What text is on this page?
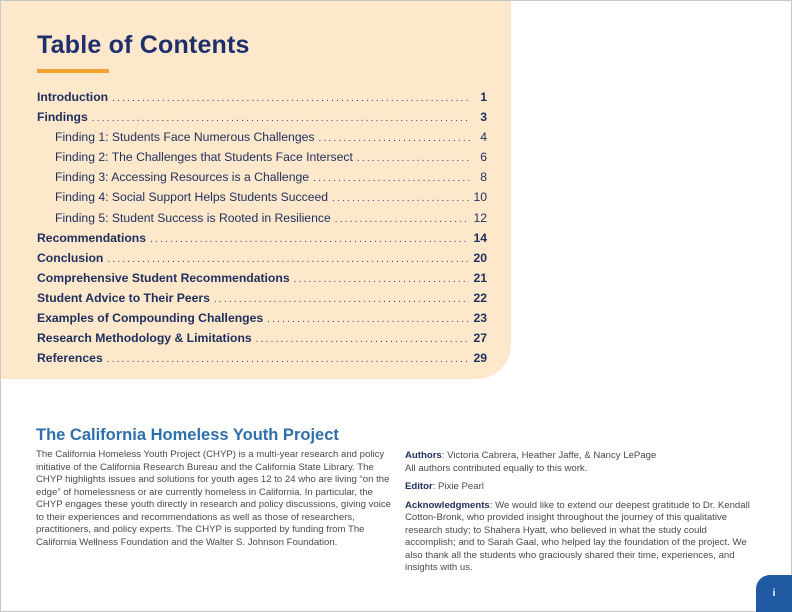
Table of Contents
Introduction .....	1
Findings .....	3
Finding 1: Students Face Numerous Challenges .....	4
Finding 2: The Challenges that Students Face Intersect .....	6
Finding 3: Accessing Resources is a Challenge .....	8
Finding 4: Social Support Helps Students Succeed .....	10
Finding 5: Student Success is Rooted in Resilience .....	12
Recommendations .....	14
Conclusion .....	20
Comprehensive Student Recommendations .....	21
Student Advice to Their Peers .....	22
Examples of Compounding Challenges .....	23
Research Methodology & Limitations .....	27
References .....	29
The California Homeless Youth Project

The California Homeless Youth Project (CHYP) is a multi-year research and policy initiative of the California Research Bureau and the California State Library. The CHYP highlights issues and solutions for youth ages 12 to 24 who are living “on the edge” of homelessness or are currently homeless in California. In particular, the CHYP engages these youth directly in research and policy discussions, giving voice to their experiences and recommendations as well as those of researchers, practitioners, and policy experts. The CHYP is supported by funding from The California Wellness Foundation and the Walter S. Johnson Foundation.

Authors: Victoria Cabrera, Heather Jaffe, & Nancy LePage

All authors contributed equally to this work.

Editor: Pixie Pearl

Acknowledgments: We would like to extend our deepest gratitude to Dr. Kendall Cotton-Bronk, who provided insight throughout the journey of this qualitative research study; to Shahera Hyatt, who believed in what the study could accomplish; and to Sarah Gaal, who helped lay the foundation of the project. We also thank all the students who graciously shared their time, experiences, and insights with us.

i
